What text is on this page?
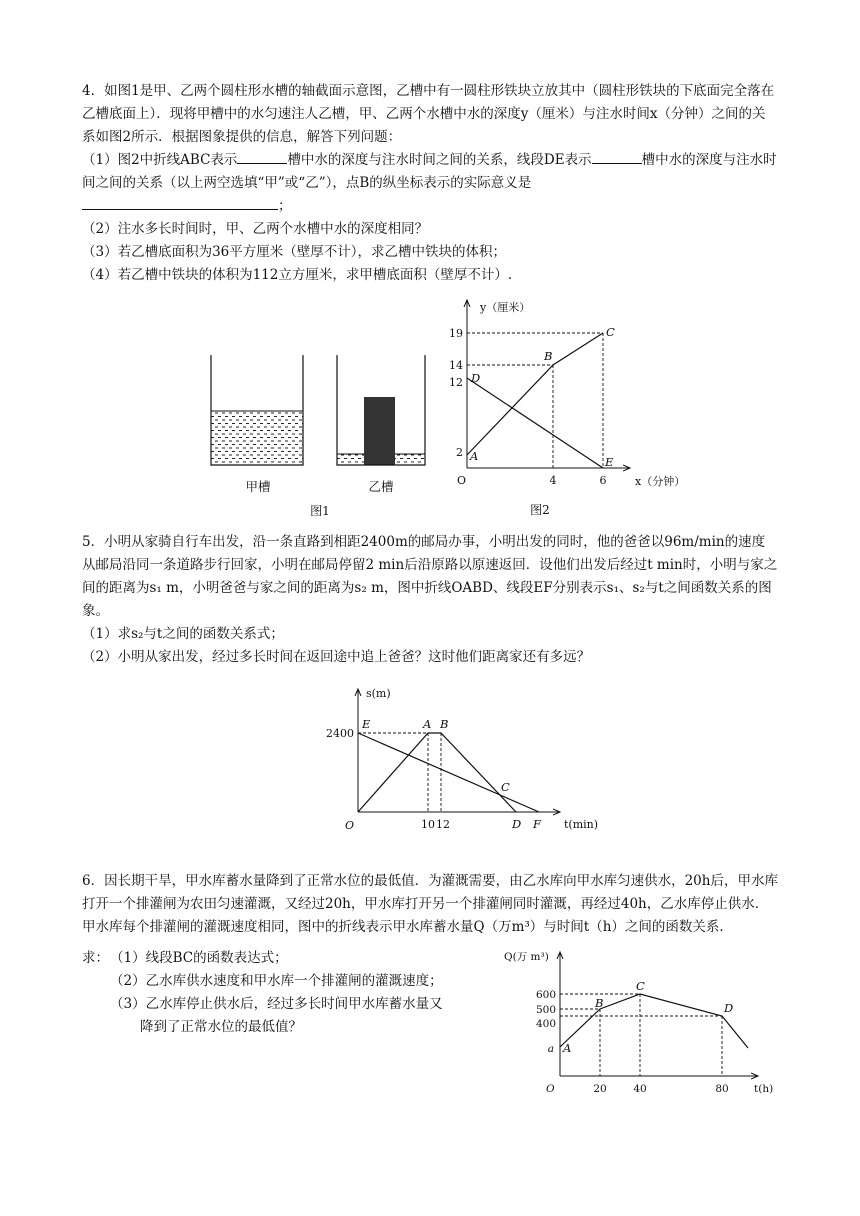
4．如图1是甲、乙两个圆柱形水槽的轴截面示意图，乙槽中有一圆柱形铁块立放其中（圆柱形铁块的下底面完全落在乙槽底面上）．现将甲槽中的水匀速注人乙槽，甲、乙两个水槽中水的深度y（厘米）与注水时间x（分钟）之间的关系如图2所示．根据图象提供的信息，解答下列问题：

（1）图2中折线ABC表示	槽中水的深度与注水时间之间的关系，线段DE表示	槽中水的深度与注水时间之间的关系（以上两空选填“甲”或“乙”），点B的纵坐标表示的实际意义是
；

（2）注水多长时间时，甲、乙两个水槽中水的深度相同？

（3）若乙槽底面积为36平方厘米（壁厚不计），求乙槽中铁块的体积；

（4）若乙槽中铁块的体积为112立方厘米，求甲槽底面积（壁厚不计）.

甲槽	乙槽
图1
y（厘米）
x（分钟）
O
19
14
12
2
4	6
A
B
C
D
E
图2

5．小明从家骑自行车出发，沿一条直路到相距2400m的邮局办事，小明出发的同时，他的爸爸以96m/min的速度从邮局沿同一条道路步行回家，小明在邮局停留2 min后沿原路以原速返回．设他们出发后经过t min时，小明与家之间的距离为s₁ m，小明爸爸与家之间的距离为s₂ m，图中折线OABD、线段EF分别表示s₁、s₂与t之间函数关系的图象。

（1）求s₂与t之间的函数关系式；

（2）小明从家出发，经过多长时间在返回途中追上爸爸？这时他们距离家还有多远？

s(m)
t(min)
O
2400
10 12
E	A B
C
D F

6．因长期干旱，甲水库蓄水量降到了正常水位的最低值．为灌溉需要，由乙水库向甲水库匀速供水，20h后，甲水库打开一个排灌闸为农田匀速灌溉，又经过20h，甲水库打开另一个排灌闸同时灌溉，再经过40h，乙水库停止供水．甲水库每个排灌闸的灌溉速度相同，图中的折线表示甲水库蓄水量Q（万m³）与时间t（h）之间的函数关系．

求： （1）线段BC的函数表达式；

（2）乙水库供水速度和甲水库一个排灌闸的灌溉速度；

（3）乙水库停止供水后，经过多长时间甲水库蓄水量又

降到了正常水位的最低值？

Q(万 m³)
t(h)
O
600
500
400
a
20	40	80
A
B
C
D
